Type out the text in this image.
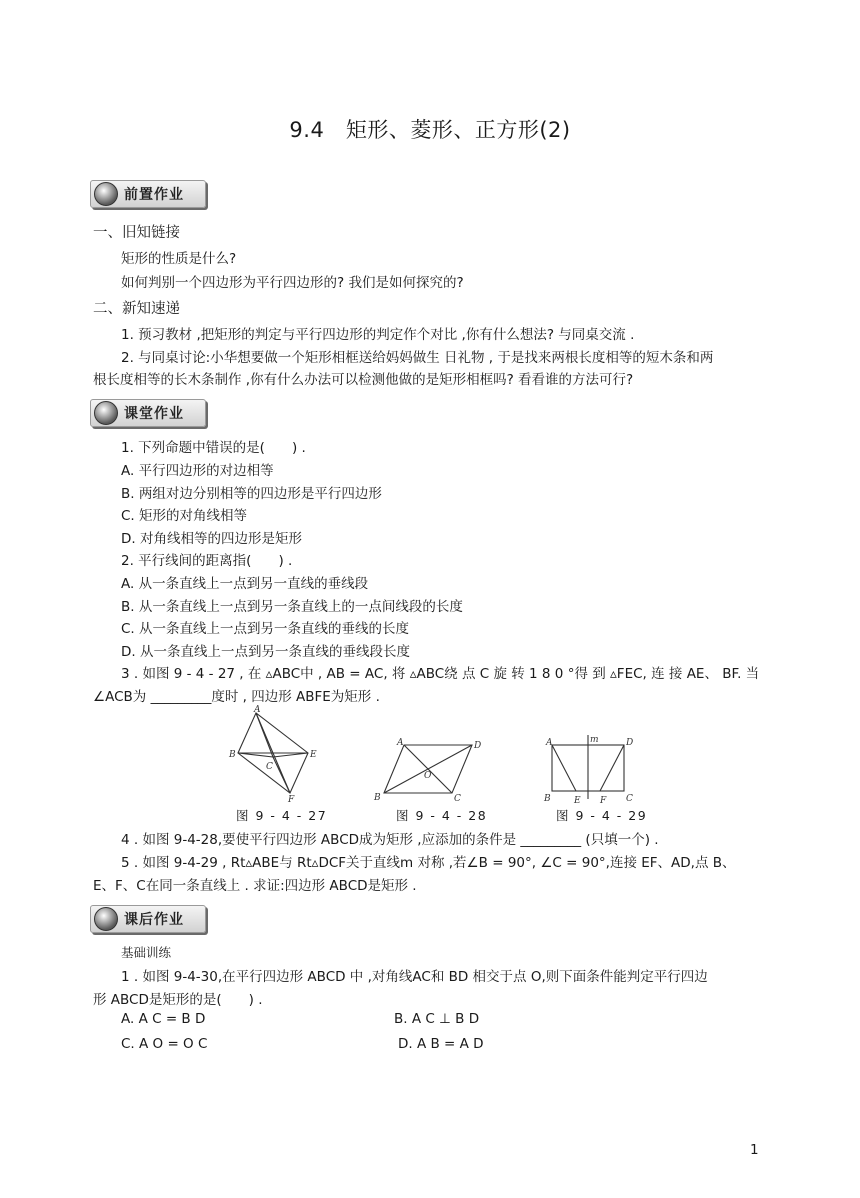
9.4　矩形、菱形、正方形(2)
前置作业
一、旧知链接
矩形的性质是什么?
如何判别一个四边形为平行四边形的? 我们是如何探究的?
二、新知速递
1. 预习教材 ,把矩形的判定与平行四边形的判定作个对比 ,你有什么想法? 与同桌交流 .
2. 与同桌讨论:小华想要做一个矩形相框送给妈妈做生 日礼物 , 于是找来两根长度相等的短木条和两
根长度相等的长木条制作 ,你有什么办法可以检测他做的是矩形相框吗? 看看谁的方法可行?
课堂作业
1. 下列命题中错误的是(　　) .
A. 平行四边形的对边相等
B. 两组对边分别相等的四边形是平行四边形
C. 矩形的对角线相等
D. 对角线相等的四边形是矩形
2. 平行线间的距离指(　　) .
A. 从一条直线上一点到另一直线的垂线段
B. 从一条直线上一点到另一条直线上的一点间线段的长度
C. 从一条直线上一点到另一条直线的垂线的长度
D. 从一条直线上一点到另一条直线的垂线段长度
3 . 如图 9 - 4 - 27 , 在 ▵ABC中 , AB = AC, 将 ▵ABC绕 点 C 旋 转 1 8 0 °得 到 ▵FEC, 连 接 AE、 BF. 当
∠ACB为 _________度时 , 四边形 ABFE为矩形 .
A
B
C
E
F
A
B	C
D
O
A
B	C
D
E F
m
图 9 - 4 - 27	图 9 - 4 - 28	图 9 - 4 - 29
4 . 如图 9-4-28,要使平行四边形 ABCD成为矩形 ,应添加的条件是 _________ (只填一个) .
5 . 如图 9-4-29 , Rt▵ABE与 Rt▵DCF关于直线m 对称 ,若∠B = 90°, ∠C = 90°,连接 EF、AD,点 B、
E、F、C在同一条直线上 . 求证:四边形 ABCD是矩形 .
课后作业
基础训练
1 . 如图 9-4-30,在平行四边形 ABCD 中 ,对角线AC和 BD 相交于点 O,则下面条件能判定平行四边
形 ABCD是矩形的是(　　) .
A. A C = B D	B. A C ⊥ B D
C. A O = O C	D. A B = A D
1
